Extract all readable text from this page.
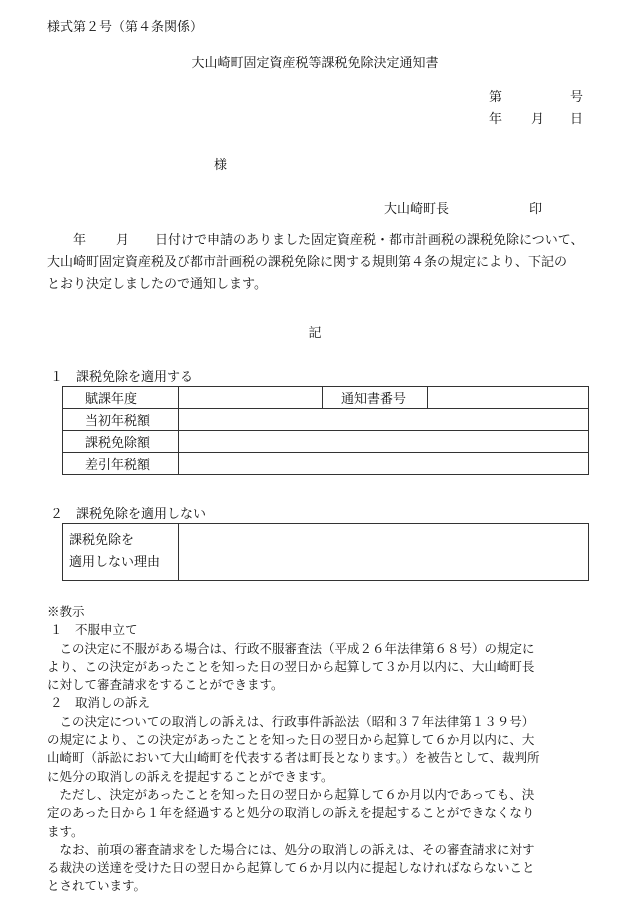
様式第２号（第４条関係）
大山崎町固定資産税等課税免除決定通知書
第	号
年 月 日
様
大山崎町長	印
年 月 日付けで申請のありました固定資産税・都市計画税の課税免除について、
大山崎町固定資産税及び都市計画税の課税免除に関する規則第４条の規定により、下記の
とおり決定しましたので通知します。
記
１　課税免除を適用する
賦課年度		通知書番号	
当初年税額			
課税免除額			
差引年税額			
２　課税免除を適用しない
課税免除を
適用しない理由

※教示
１　不服申立て
この決定に不服がある場合は、行政不服審査法（平成２６年法律第６８号）の規定に
より、この決定があったことを知った日の翌日から起算して３か月以内に、大山崎町長
に対して審査請求をすることができます。
２　取消しの訴え
この決定についての取消しの訴えは、行政事件訴訟法（昭和３７年法律第１３９号）
の規定により、この決定があったことを知った日の翌日から起算して６か月以内に、大
山崎町（訴訟において大山崎町を代表する者は町長となります。）を被告として、裁判所
に処分の取消しの訴えを提起することができます。
ただし、決定があったことを知った日の翌日から起算して６か月以内であっても、決
定のあった日から１年を経過すると処分の取消しの訴えを提起することができなくなり
ます。
なお、前項の審査請求をした場合には、処分の取消しの訴えは、その審査請求に対す
る裁決の送達を受けた日の翌日から起算して６か月以内に提起しなければならないこと
とされています。
